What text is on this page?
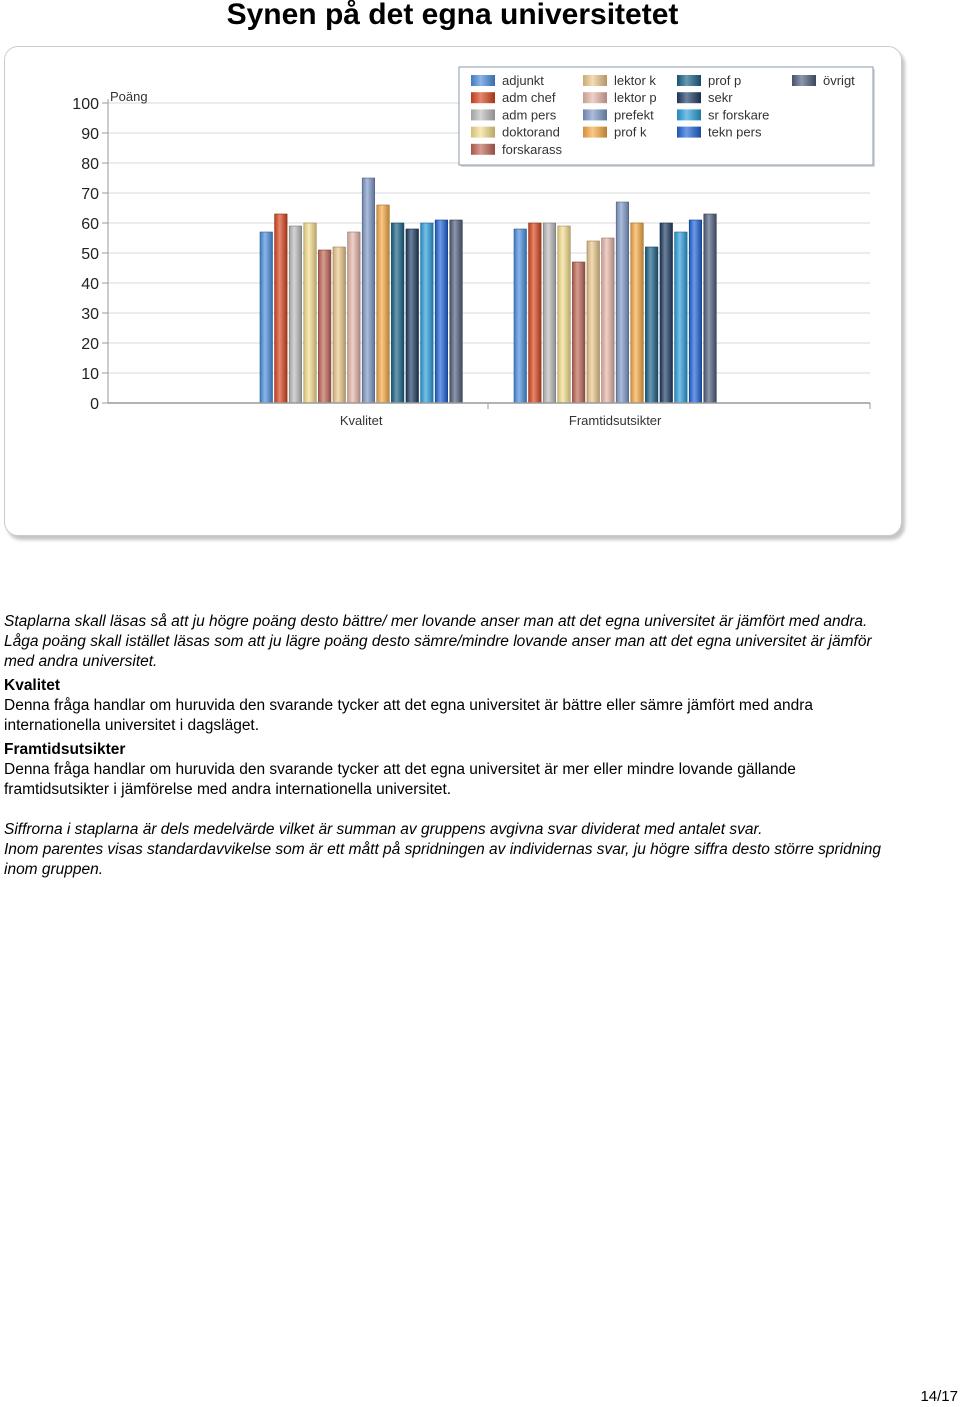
Synen på det egna universitetet
0
10
20
30
40
50
60
70
80
90
100 Poäng
Kvalitet	Framtidsutsikter
adjunkt
adm chef
adm pers
doktorand
forskarass
lektor k
lektor p
prefekt
prof k
prof p
sekr
sr forskare
tekn pers
övrigt

Staplarna skall läsas så att ju högre poäng desto bättre/ mer lovande anser man att det egna universitet är jämfört med andra. Låga poäng skall istället läsas som att ju lägre poäng desto sämre/mindre lovande anser man att det egna universitet är jämför med andra universitet.

Kvalitet

Denna fråga handlar om huruvida den svarande tycker att det egna universitet är bättre eller sämre jämfört med andra internationella universitet i dagsläget.

Framtidsutsikter

Denna fråga handlar om huruvida den svarande tycker att det egna universitet är mer eller mindre lovande gällande framtidsutsikter i jämförelse med andra internationella universitet.

Siffrorna i staplarna är dels medelvärde vilket är summan av gruppens avgivna svar dividerat med antalet svar.
Inom parentes visas standardavvikelse som är ett mått på spridningen av individernas svar, ju högre siffra desto större spridning inom gruppen.

14/17
